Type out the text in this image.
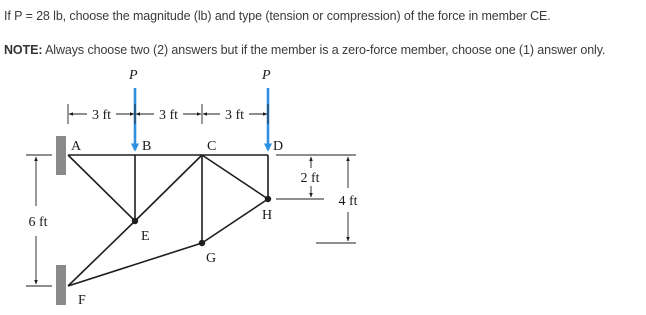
If P = 28 lb, choose the magnitude (lb) and type (tension or compression) of the force in member CE.
NOTE: Always choose two (2) answers but if the member is a zero-force member, choose one (1) answer only.
P	P
A	B	C	D
E
F
G
H
3 ft	3 ft	3 ft
6 ft
2 ft
4 ft
